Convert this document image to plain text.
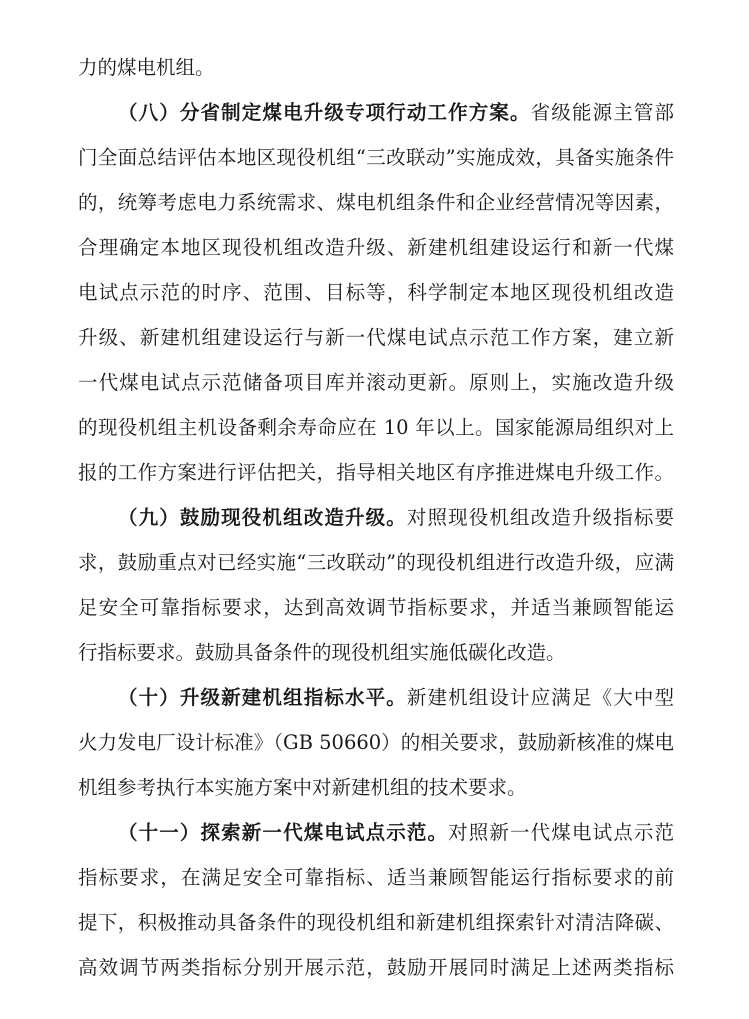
力的煤电机组。
（八）分省制定煤电升级专项行动工作方案。省级能源主管部
门全面总结评估本地区现役机组“三改联动”实施成效，具备实施条件
的，统筹考虑电力系统需求、煤电机组条件和企业经营情况等因素，
合理确定本地区现役机组改造升级、新建机组建设运行和新一代煤
电试点示范的时序、范围、目标等，科学制定本地区现役机组改造
升级、新建机组建设运行与新一代煤电试点示范工作方案，建立新
一代煤电试点示范储备项目库并滚动更新。原则上，实施改造升级
的现役机组主机设备剩余寿命应在 10 年以上。国家能源局组织对上
报的工作方案进行评估把关，指导相关地区有序推进煤电升级工作。
（九）鼓励现役机组改造升级。对照现役机组改造升级指标要
求，鼓励重点对已经实施“三改联动”的现役机组进行改造升级，应满
足安全可靠指标要求，达到高效调节指标要求，并适当兼顾智能运
行指标要求。鼓励具备条件的现役机组实施低碳化改造。
（十）升级新建机组指标水平。新建机组设计应满足《大中型
火力发电厂设计标准》（GB 50660）的相关要求，鼓励新核准的煤电
机组参考执行本实施方案中对新建机组的技术要求。
（十一）探索新一代煤电试点示范。对照新一代煤电试点示范
指标要求，在满足安全可靠指标、适当兼顾智能运行指标要求的前
提下，积极推动具备条件的现役机组和新建机组探索针对清洁降碳、
高效调节两类指标分别开展示范，鼓励开展同时满足上述两类指标
